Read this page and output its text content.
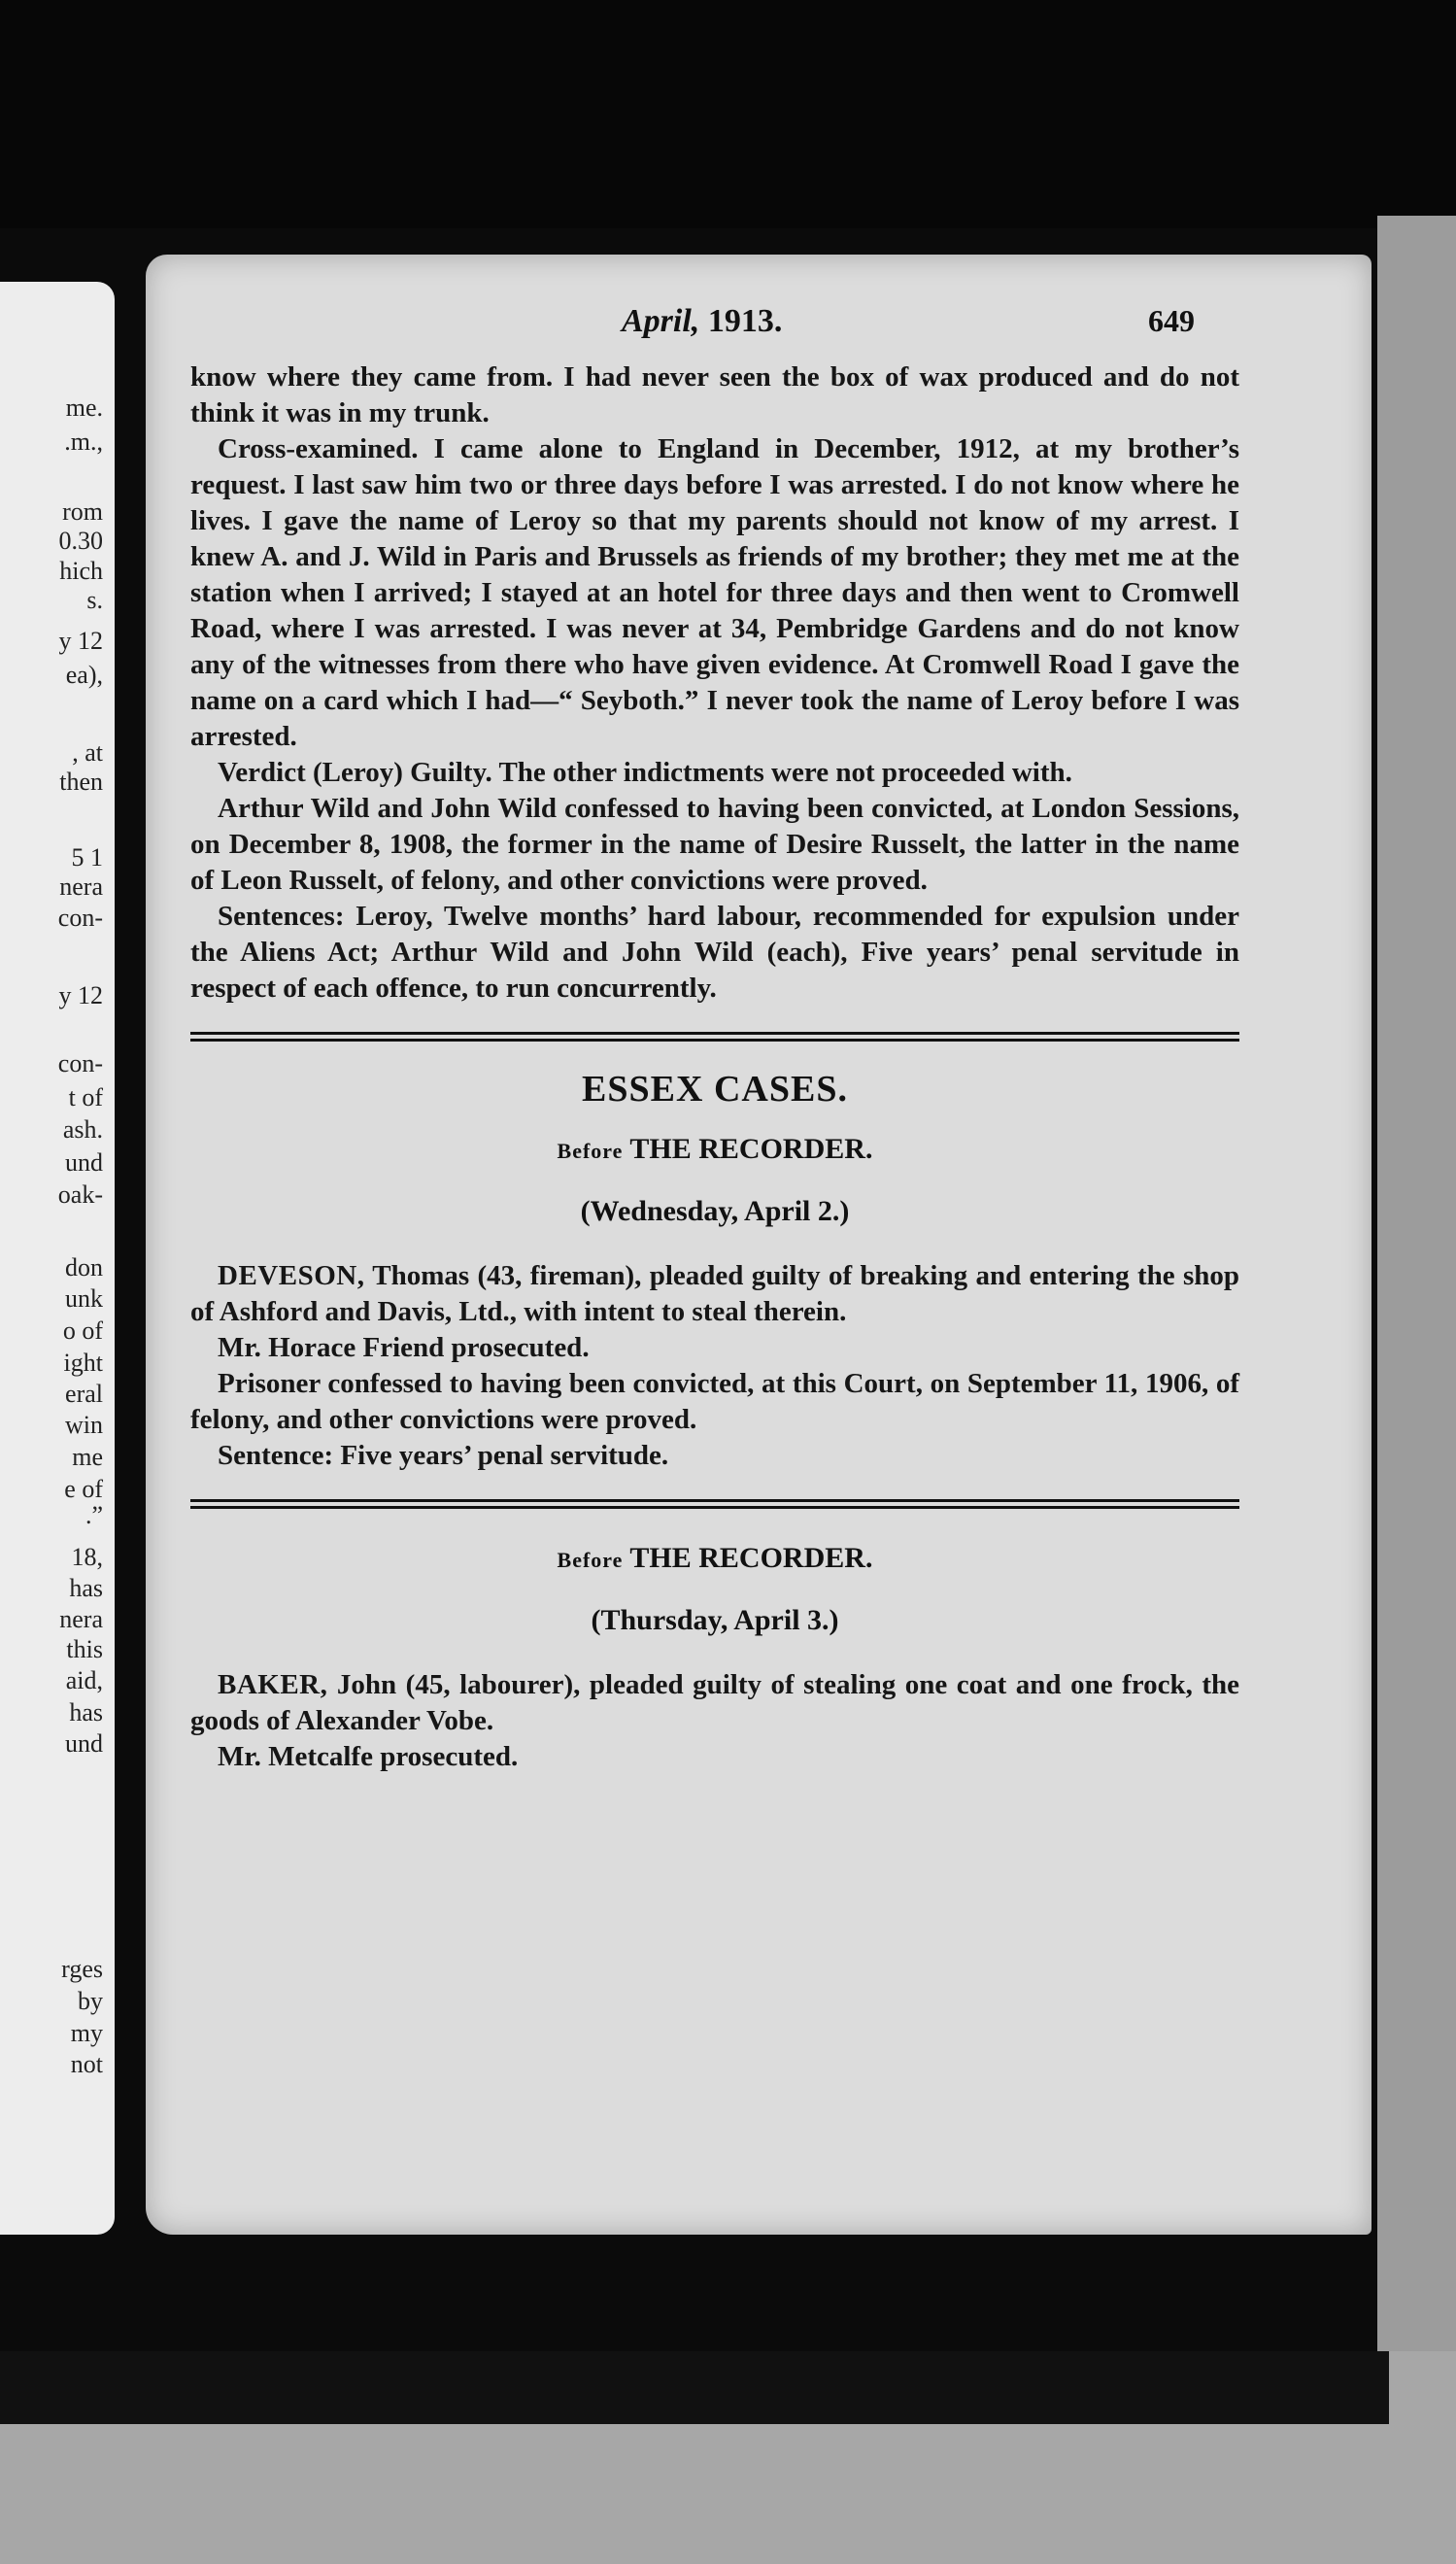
me.
.m.,
rom
0.30
hich
s.
y 12
ea),
, at
then
5 1
nera
con-
y 12
con-
t of
ash.
und
oak-
don
unk
o of
ight
eral
win
me
e of
.”
18,
has
nera
this
aid,
has
und
rges
by
my
not
April, 1913.	649

know where they came from. I had never seen the box of wax produced and do not think it was in my trunk.

Cross-examined. I came alone to England in December, 1912, at my brother’s request. I last saw him two or three days before I was arrested. I do not know where he lives. I gave the name of Leroy so that my parents should not know of my arrest. I knew A. and J. Wild in Paris and Brussels as friends of my brother; they met me at the station when I arrived; I stayed at an hotel for three days and then went to Cromwell Road, where I was arrested. I was never at 34, Pembridge Gardens and do not know any of the witnesses from there who have given evidence. At Cromwell Road I gave the name on a card which I had—“ Seyboth.” I never took the name of Leroy before I was arrested.

Verdict (Leroy) Guilty. The other indictments were not proceeded with.

Arthur Wild and John Wild confessed to having been convicted, at London Sessions, on December 8, 1908, the former in the name of Desire Russelt, the latter in the name of Leon Russelt, of felony, and other convictions were proved.

Sentences: Leroy, Twelve months’ hard labour, recommended for expulsion under the Aliens Act; Arthur Wild and John Wild (each), Five years’ penal servitude in respect of each offence, to run concurrently.

ESSEX CASES.
Before THE RECORDER.
(Wednesday, April 2.)

DEVESON, Thomas (43, fireman), pleaded guilty of breaking and entering the shop of Ashford and Davis, Ltd., with intent to steal therein.

Mr. Horace Friend prosecuted.

Prisoner confessed to having been convicted, at this Court, on September 11, 1906, of felony, and other convictions were proved.

Sentence: Five years’ penal servitude.

Before THE RECORDER.
(Thursday, April 3.)

BAKER, John (45, labourer), pleaded guilty of stealing one coat and one frock, the goods of Alexander Vobe.

Mr. Metcalfe prosecuted.
